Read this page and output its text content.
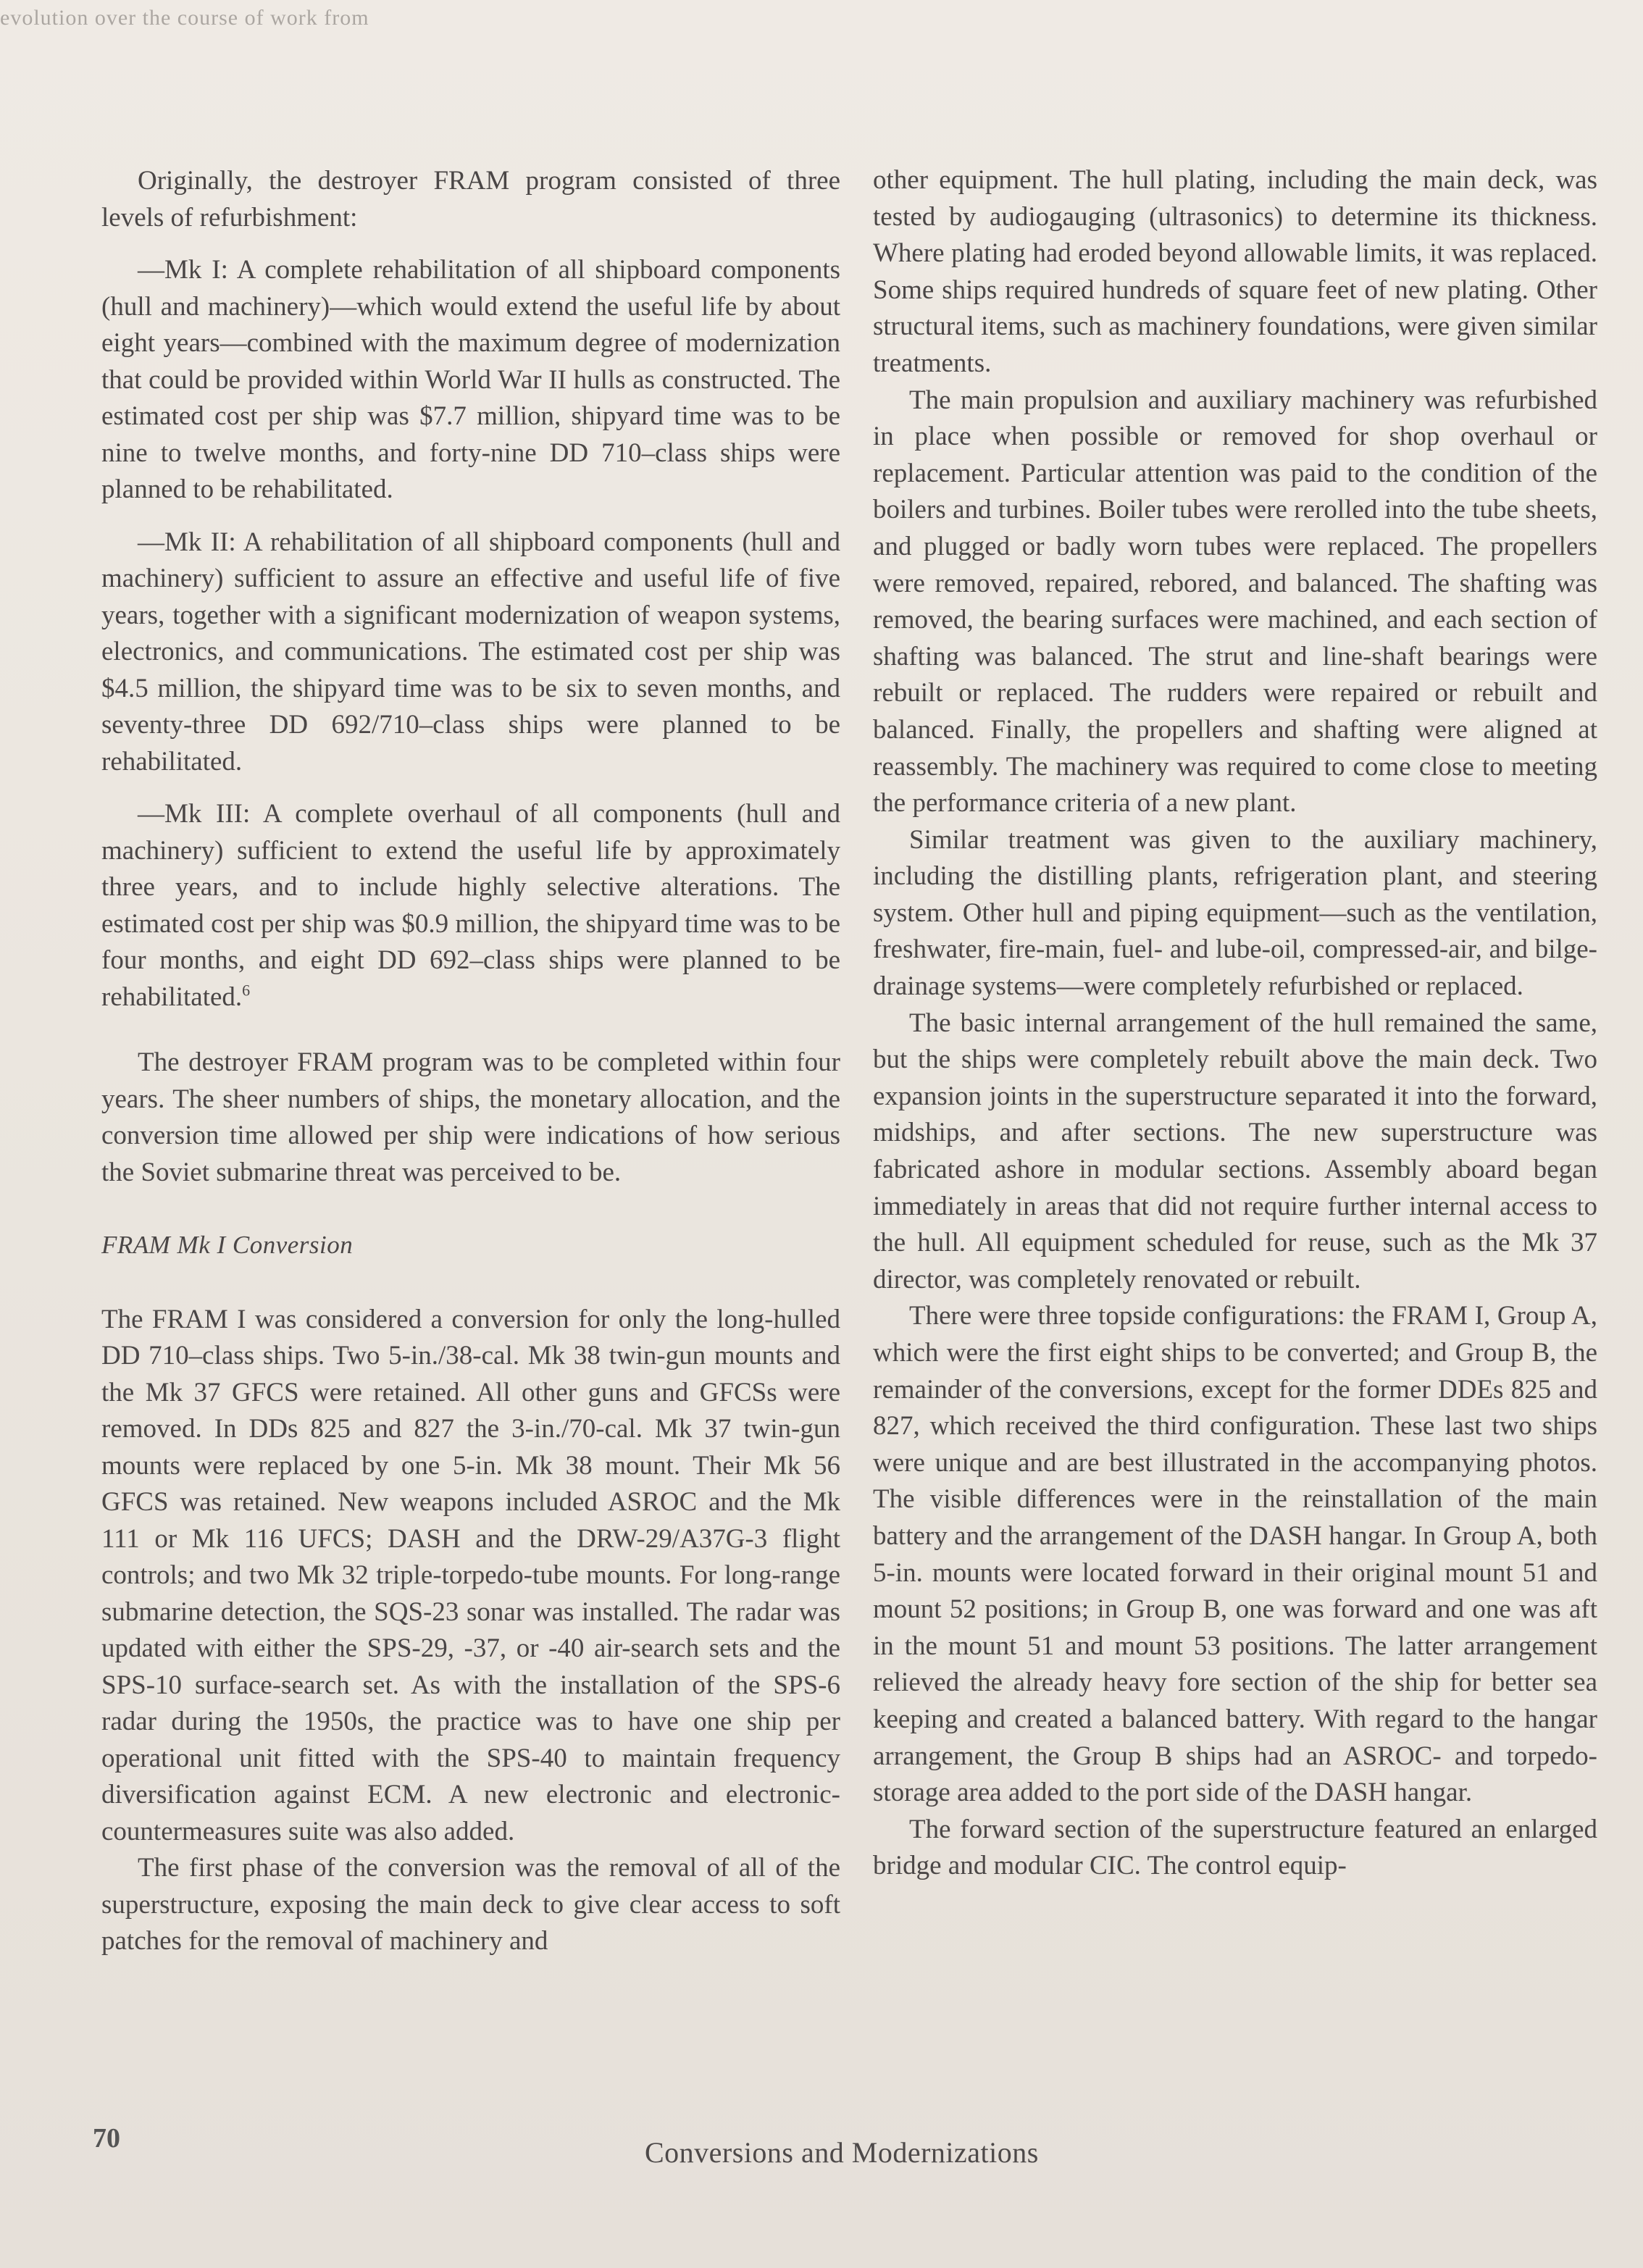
evolution over the course of work from

Originally, the destroyer FRAM program consisted of three levels of refurbishment:

—Mk I: A complete rehabilitation of all shipboard components (hull and machinery)—which would extend the useful life by about eight years—combined with the maximum degree of modernization that could be provided within World War II hulls as constructed. The estimated cost per ship was $7.7 million, shipyard time was to be nine to twelve months, and forty-nine DD 710–class ships were planned to be rehabilitated.

—Mk II: A rehabilitation of all shipboard components (hull and machinery) sufficient to assure an effective and useful life of five years, together with a significant modernization of weapon systems, electronics, and communications. The estimated cost per ship was $4.5 million, the shipyard time was to be six to seven months, and seventy-three DD 692/710–class ships were planned to be rehabilitated.

—Mk III: A complete overhaul of all components (hull and machinery) sufficient to extend the useful life by approximately three years, and to include highly selective alterations. The estimated cost per ship was $0.9 million, the shipyard time was to be four months, and eight DD 692–class ships were planned to be rehabilitated.$^6$

The destroyer FRAM program was to be completed within four years. The sheer numbers of ships, the monetary allocation, and the conversion time allowed per ship were indications of how serious the Soviet submarine threat was perceived to be.

FRAM Mk I Conversion

The FRAM I was considered a conversion for only the long-hulled DD 710–class ships. Two 5-in./38-cal. Mk 38 twin-gun mounts and the Mk 37 GFCS were retained. All other guns and GFCSs were removed. In DDs 825 and 827 the 3-in./70-cal. Mk 37 twin-gun mounts were replaced by one 5-in. Mk 38 mount. Their Mk 56 GFCS was retained. New weapons included ASROC and the Mk 111 or Mk 116 UFCS; DASH and the DRW-29/A37G-3 flight controls; and two Mk 32 triple-torpedo-tube mounts. For long-range submarine detection, the SQS-23 sonar was installed. The radar was updated with either the SPS-29, -37, or -40 air-search sets and the SPS-10 surface-search set. As with the installation of the SPS-6 radar during the 1950s, the practice was to have one ship per operational unit fitted with the SPS-40 to maintain frequency diversification against ECM. A new electronic and electronic-countermeasures suite was also added.

The first phase of the conversion was the removal of all of the superstructure, exposing the main deck to give clear access to soft patches for the removal of machinery and

other equipment. The hull plating, including the main deck, was tested by audiogauging (ultrasonics) to determine its thickness. Where plating had eroded beyond allowable limits, it was replaced. Some ships required hundreds of square feet of new plating. Other structural items, such as machinery foundations, were given similar treatments.

The main propulsion and auxiliary machinery was refurbished in place when possible or removed for shop overhaul or replacement. Particular attention was paid to the condition of the boilers and turbines. Boiler tubes were rerolled into the tube sheets, and plugged or badly worn tubes were replaced. The propellers were removed, repaired, rebored, and balanced. The shafting was removed, the bearing surfaces were machined, and each section of shafting was balanced. The strut and line-shaft bearings were rebuilt or replaced. The rudders were repaired or rebuilt and balanced. Finally, the propellers and shafting were aligned at reassembly. The machinery was required to come close to meeting the performance criteria of a new plant.

Similar treatment was given to the auxiliary machinery, including the distilling plants, refrigeration plant, and steering system. Other hull and piping equipment—such as the ventilation, freshwater, fire-main, fuel- and lube-oil, compressed-air, and bilge-drainage systems—were completely refurbished or replaced.

The basic internal arrangement of the hull remained the same, but the ships were completely rebuilt above the main deck. Two expansion joints in the superstructure separated it into the forward, midships, and after sections. The new superstructure was fabricated ashore in modular sections. Assembly aboard began immediately in areas that did not require further internal access to the hull. All equipment scheduled for reuse, such as the Mk 37 director, was completely renovated or rebuilt.

There were three topside configurations: the FRAM I, Group A, which were the first eight ships to be converted; and Group B, the remainder of the conversions, except for the former DDEs 825 and 827, which received the third configuration. These last two ships were unique and are best illustrated in the accompanying photos. The visible differences were in the reinstallation of the main battery and the arrangement of the DASH hangar. In Group A, both 5-in. mounts were located forward in their original mount 51 and mount 52 positions; in Group B, one was forward and one was aft in the mount 51 and mount 53 positions. The latter arrangement relieved the already heavy fore section of the ship for better sea keeping and created a balanced battery. With regard to the hangar arrangement, the Group B ships had an ASROC- and torpedo-storage area added to the port side of the DASH hangar.

The forward section of the superstructure featured an enlarged bridge and modular CIC. The control equip-

70	Conversions and Modernizations
